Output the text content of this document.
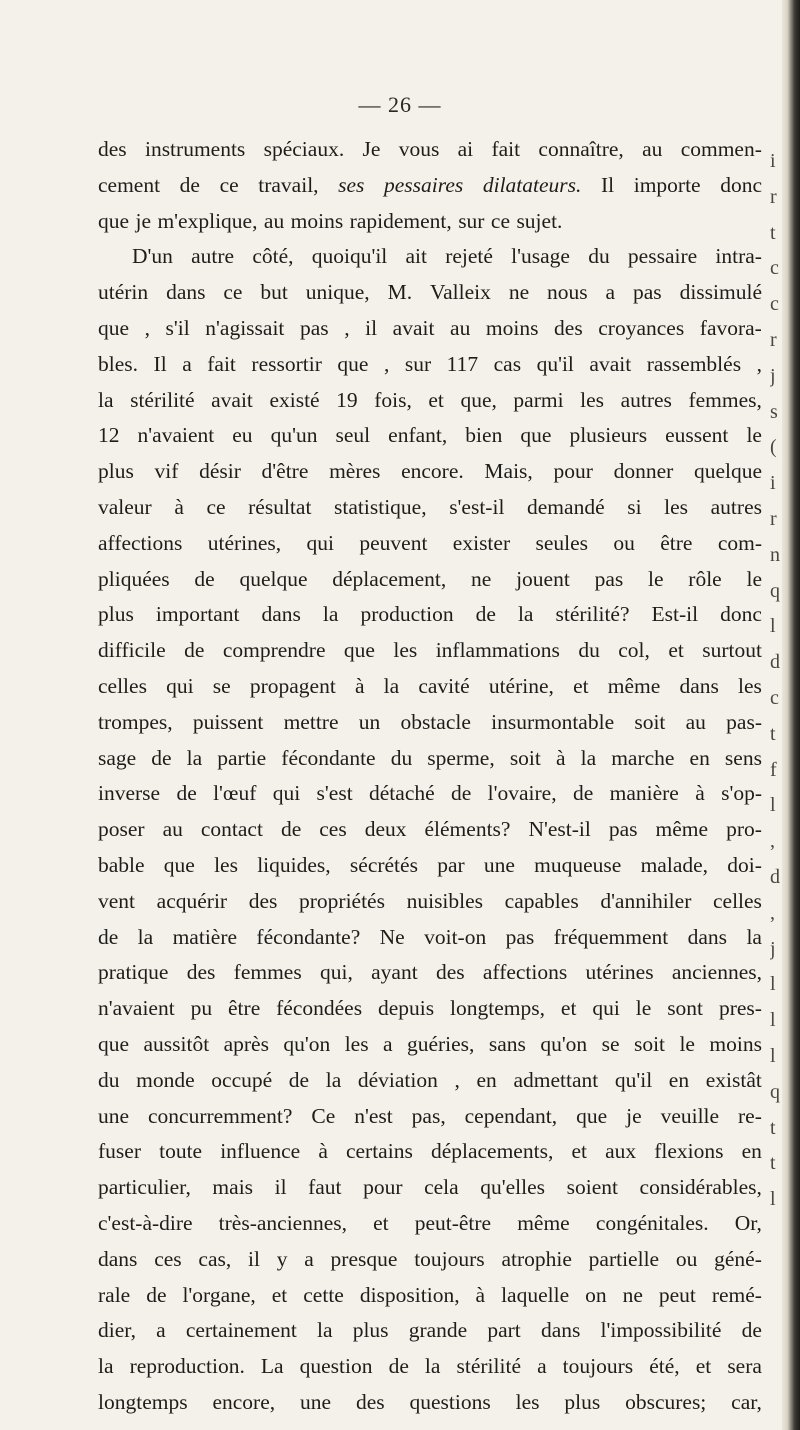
— 26 —
des instruments spéciaux. Je vous ai fait connaître, au commen-
cement de ce travail, ses pessaires dilatateurs. Il importe donc
que je m'explique, au moins rapidement, sur ce sujet.
D'un autre côté, quoiqu'il ait rejeté l'usage du pessaire intra-
utérin dans ce but unique, M. Valleix ne nous a pas dissimulé
que , s'il n'agissait pas , il avait au moins des croyances favora-
bles. Il a fait ressortir que , sur 117 cas qu'il avait rassemblés ,
la stérilité avait existé 19 fois, et que, parmi les autres femmes,
12 n'avaient eu qu'un seul enfant, bien que plusieurs eussent le
plus vif désir d'être mères encore. Mais, pour donner quelque
valeur à ce résultat statistique, s'est-il demandé si les autres
affections utérines, qui peuvent exister seules ou être com-
pliquées de quelque déplacement, ne jouent pas le rôle le
plus important dans la production de la stérilité? Est-il donc
difficile de comprendre que les inflammations du col, et surtout
celles qui se propagent à la cavité utérine, et même dans les
trompes, puissent mettre un obstacle insurmontable soit au pas-
sage de la partie fécondante du sperme, soit à la marche en sens
inverse de l'œuf qui s'est détaché de l'ovaire, de manière à s'op-
poser au contact de ces deux éléments? N'est-il pas même pro-
bable que les liquides, sécrétés par une muqueuse malade, doi-
vent acquérir des propriétés nuisibles capables d'annihiler celles
de la matière fécondante? Ne voit-on pas fréquemment dans la
pratique des femmes qui, ayant des affections utérines anciennes,
n'avaient pu être fécondées depuis longtemps, et qui le sont pres-
que aussitôt après qu'on les a guéries, sans qu'on se soit le moins
du monde occupé de la déviation , en admettant qu'il en existât
une concurremment? Ce n'est pas, cependant, que je veuille re-
fuser toute influence à certains déplacements, et aux flexions en
particulier, mais il faut pour cela qu'elles soient considérables,
c'est-à-dire très-anciennes, et peut-être même congénitales. Or,
dans ces cas, il y a presque toujours atrophie partielle ou géné-
rale de l'organe, et cette disposition, à laquelle on ne peut remé-
dier, a certainement la plus grande part dans l'impossibilité de
la reproduction. La question de la stérilité a toujours été, et sera
longtemps encore, une des questions les plus obscures; car,
i
r
t
c
c
r
j
s
(
i
r
n
q
l
d
c
t
f
l
,
d
,
j
l
l
l
q
t
t
l
